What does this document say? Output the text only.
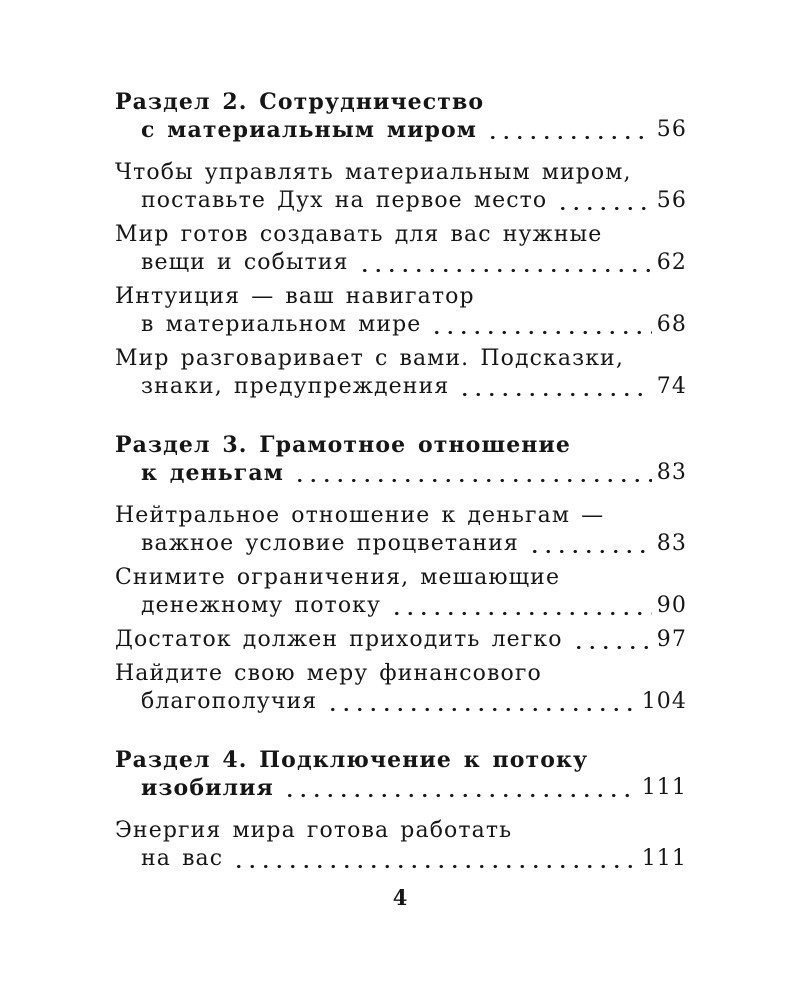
Раздел 2. Сотрудничество
с материальным миром	56
Чтобы управлять материальным миром,
поставьте Дух на первое место	56
Мир готов создавать для вас нужные
вещи и события	62
Интуиция — ваш навигатор
в материальном мире	68
Мир разговаривает с вами. Подсказки,
знаки, предупреждения	74
Раздел 3. Грамотное отношение
к деньгам	83
Нейтральное отношение к деньгам —
важное условие процветания	83
Снимите ограничения, мешающие
денежному потоку	90
Достаток должен приходить легко	97
Найдите свою меру финансового
благополучия	104
Раздел 4. Подключение к потоку
изобилия	111
Энергия мира готова работать
на вас	111
4
